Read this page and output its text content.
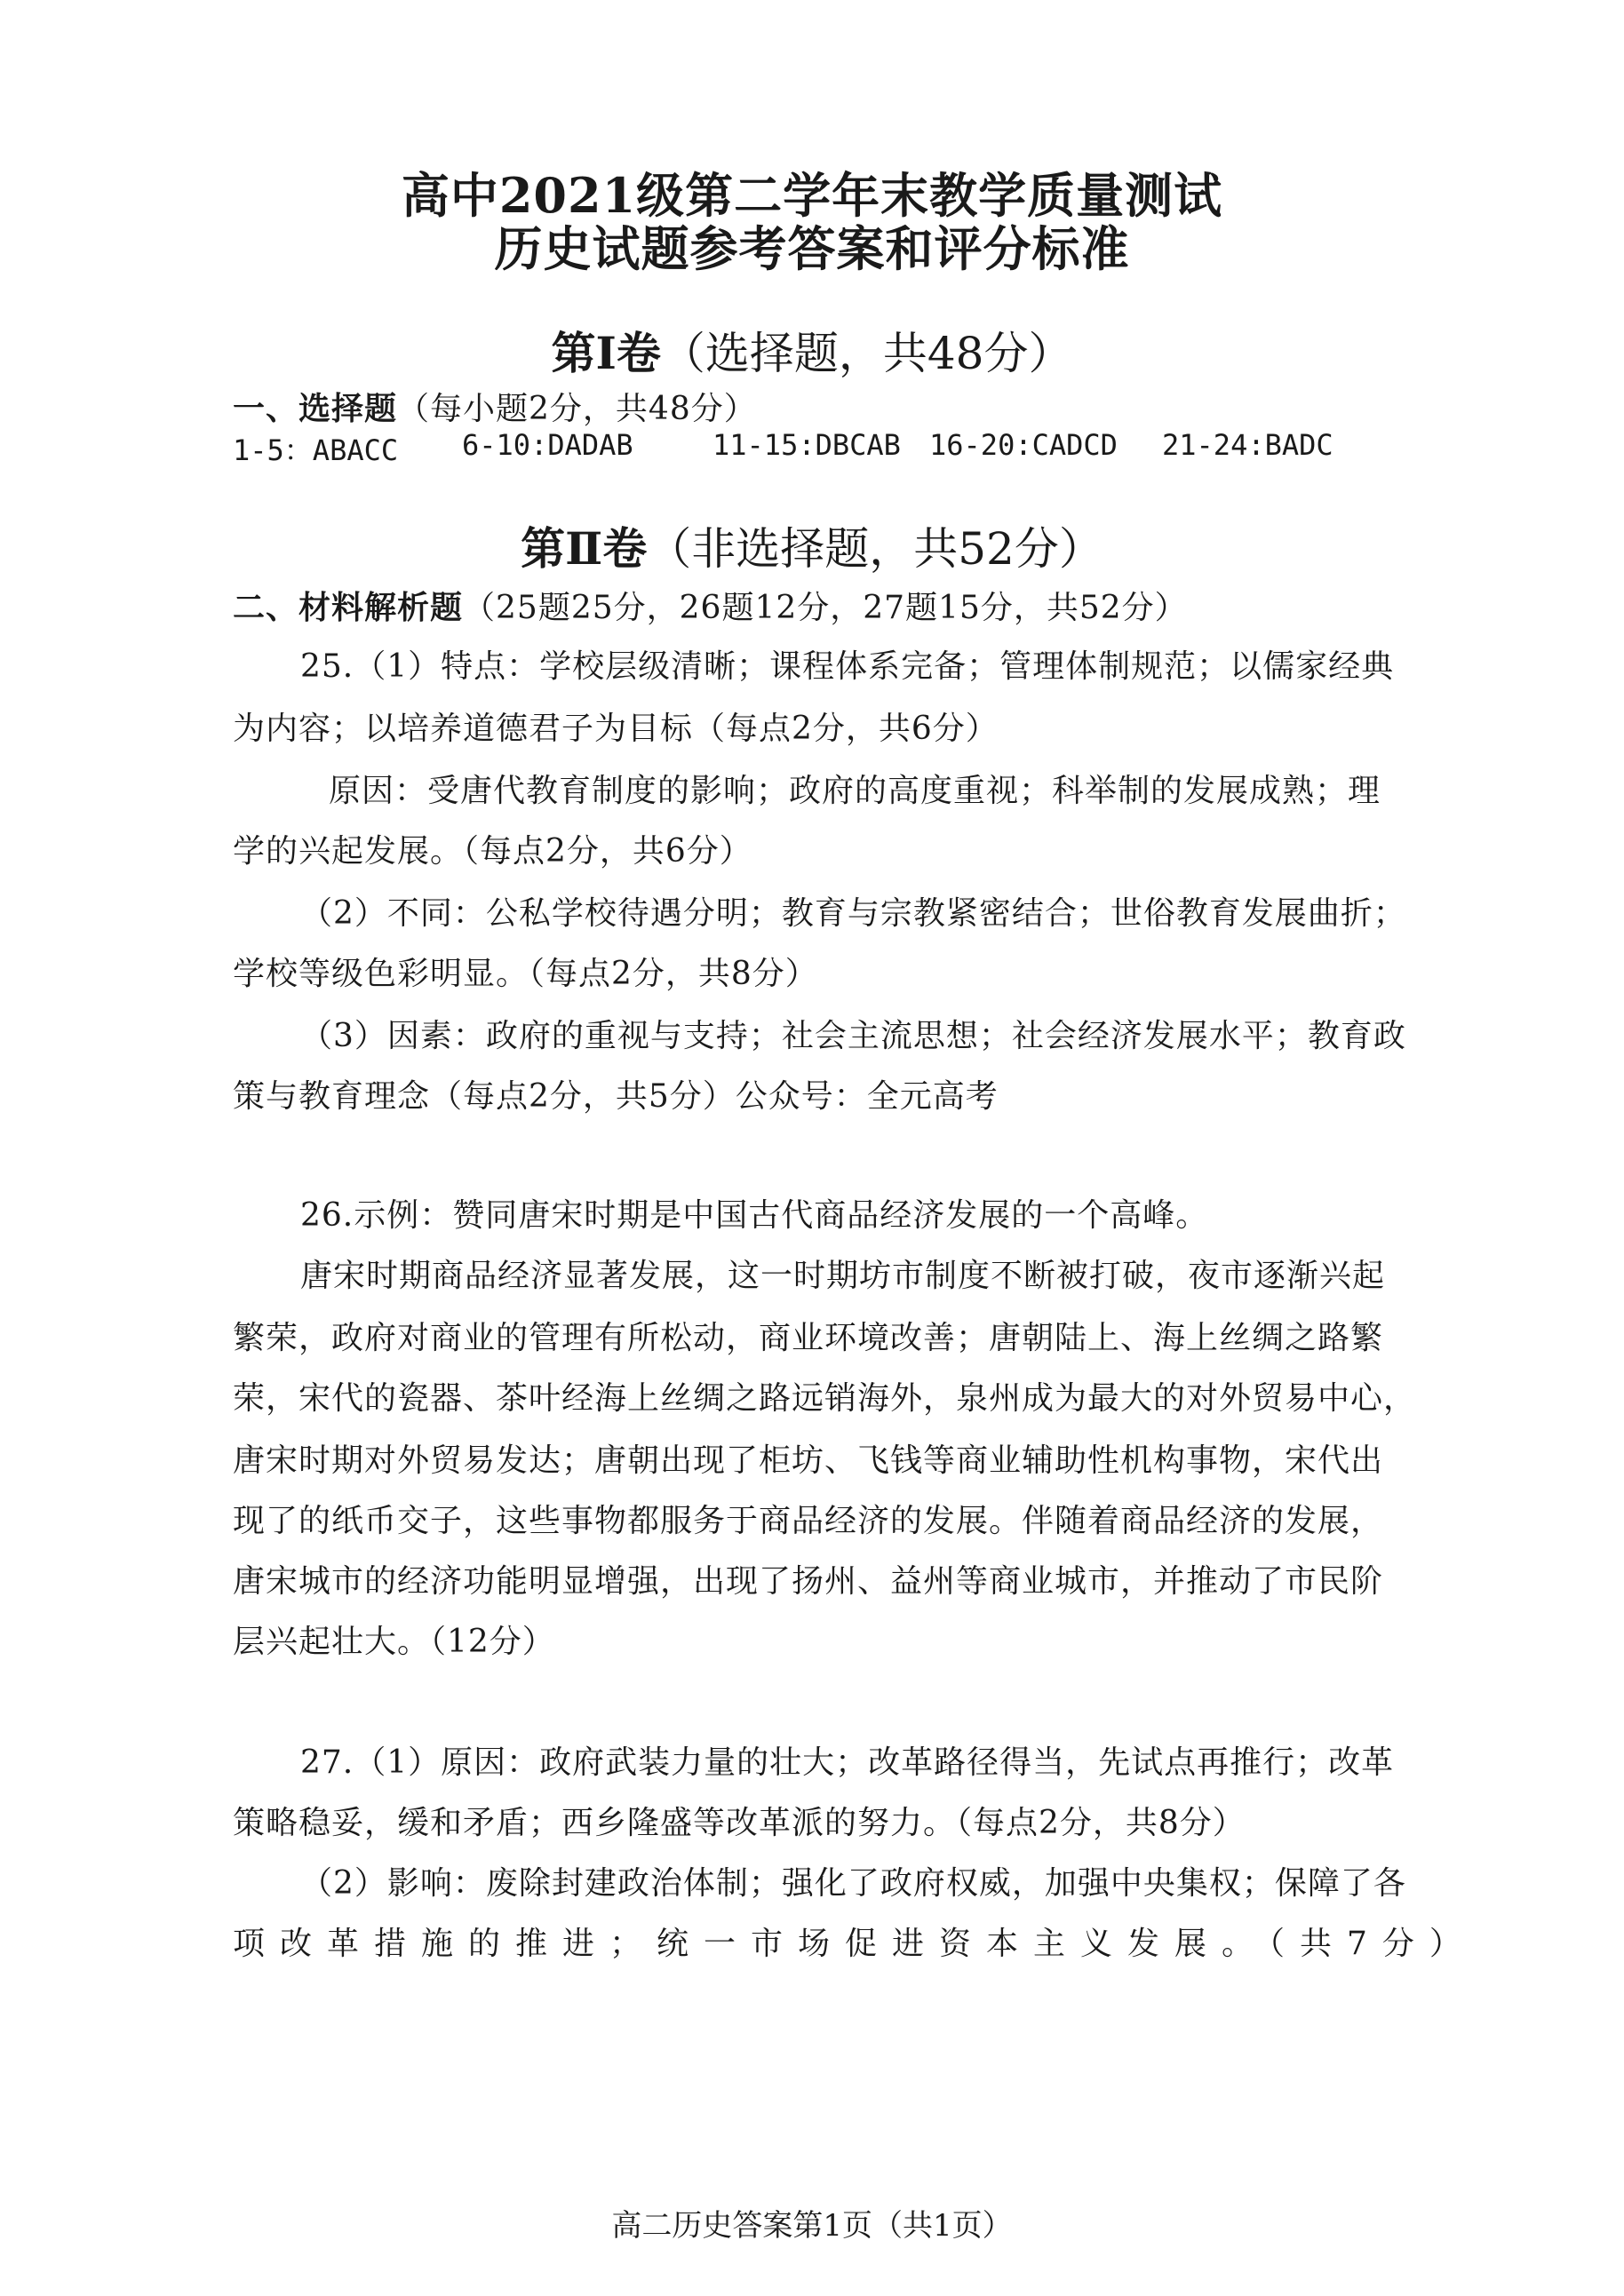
高中2021级第二学年末教学质量测试
历史试题参考答案和评分标准
第Ⅰ卷（选择题，共48分）
一、选择题（每小题2分，共48分）
1-5：ABACC 6-10:DADAB	11-15:DBCAB 16-20:CADCD 21-24:BADC
第Ⅱ卷（非选择题，共52分）
二、材料解析题（25题25分，26题12分，27题15分，共52分）
25.（1）特点：学校层级清晰；课程体系完备；管理体制规范；以儒家经典
为内容；以培养道德君子为目标（每点2分，共6分）
原因：受唐代教育制度的影响；政府的高度重视；科举制的发展成熟；理
学的兴起发展。（每点2分，共6分）
（2）不同：公私学校待遇分明；教育与宗教紧密结合；世俗教育发展曲折；
学校等级色彩明显。（每点2分，共8分）
（3）因素：政府的重视与支持；社会主流思想；社会经济发展水平；教育政
策与教育理念（每点2分，共5分）公众号：全元高考
26.示例：赞同唐宋时期是中国古代商品经济发展的一个高峰。
唐宋时期商品经济显著发展，这一时期坊市制度不断被打破，夜市逐渐兴起
繁荣，政府对商业的管理有所松动，商业环境改善；唐朝陆上、海上丝绸之路繁
荣，宋代的瓷器、茶叶经海上丝绸之路远销海外，泉州成为最大的对外贸易中心，
唐宋时期对外贸易发达；唐朝出现了柜坊、飞钱等商业辅助性机构事物，宋代出
现了的纸币交子，这些事物都服务于商品经济的发展。伴随着商品经济的发展，
唐宋城市的经济功能明显增强，出现了扬州、益州等商业城市，并推动了市民阶
层兴起壮大。（12分）
27.（1）原因：政府武装力量的壮大；改革路径得当，先试点再推行；改革
策略稳妥，缓和矛盾；西乡隆盛等改革派的努力。（每点2分，共8分）
（2）影响：废除封建政治体制；强化了政府权威，加强中央集权；保障了各
项改革措施的推进；统一市场促进资本主义发展。（共7分）
高二历史答案第1页（共1页）
